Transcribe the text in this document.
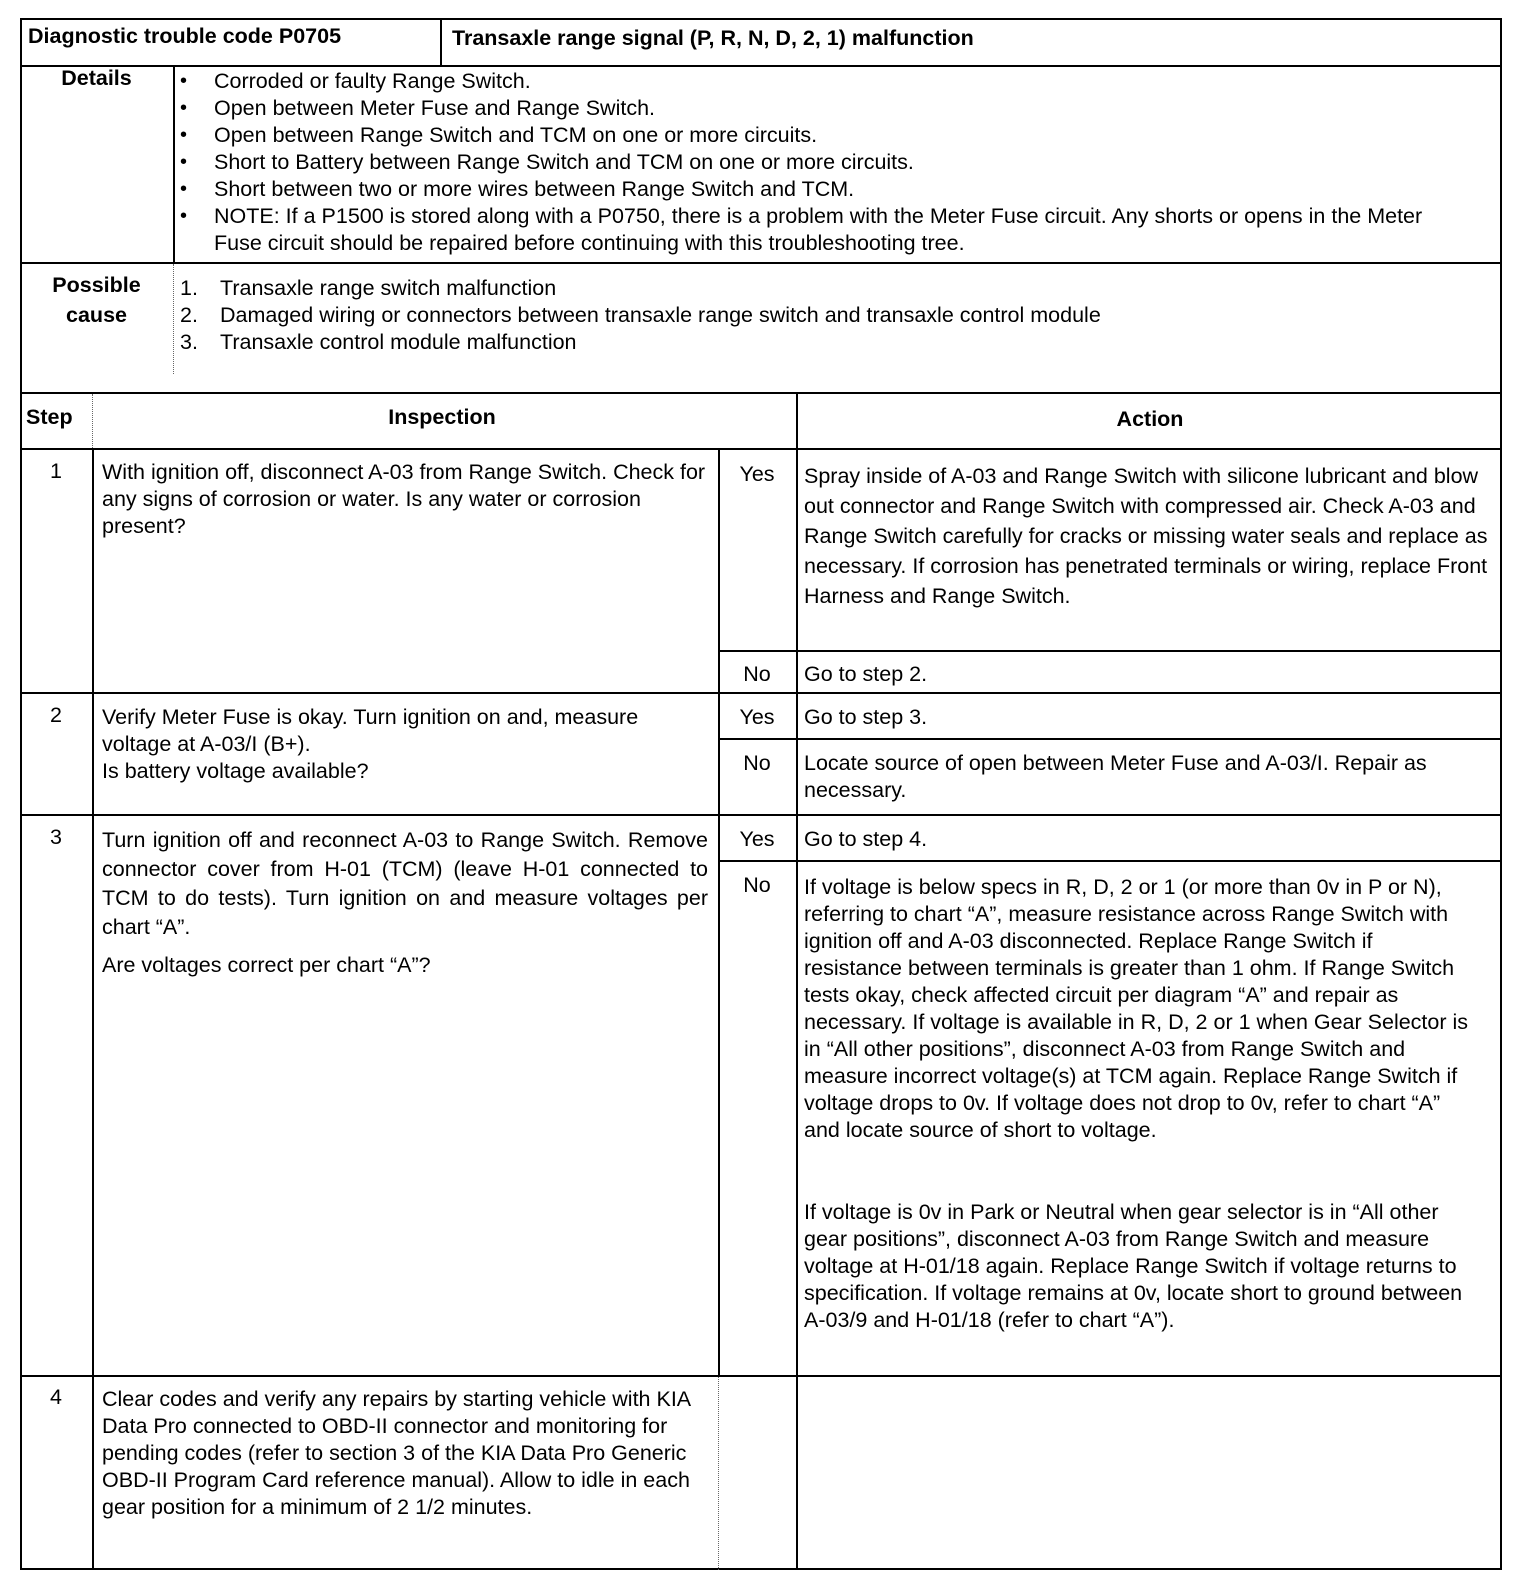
Diagnostic trouble code P0705	Transaxle range signal (P, R, N, D, 2, 1) malfunction
Details
•	Corroded or faulty Range Switch.
• Open between Meter Fuse and Range Switch.
• Open between Range Switch and TCM on one or more circuits.
• Short to Battery between Range Switch and TCM on one or more circuits.
• Short between two or more wires between Range Switch and TCM.
• NOTE: If a P1500 is stored along with a P0750, there is a problem with the Meter Fuse circuit. Any shorts or opens in the Meter Fuse circuit should be repaired before continuing with this troubleshooting tree.
Possible
cause
1. Transaxle range switch malfunction
2. Damaged wiring or connectors between transaxle range switch and transaxle control module
3. Transaxle control module malfunction
Step	Inspection	Action
1	With ignition off, disconnect A-03 from Range Switch. Check for any signs of corrosion or water. Is any water or corrosion present?
Yes	Spray inside of A-03 and Range Switch with silicone lubricant and blow out connector and Range Switch with compressed air. Check A-03 and Range Switch carefully for cracks or missing water seals and replace as necessary. If corrosion has penetrated terminals or wiring, replace Front Harness and Range Switch.
No	Go to step 2.
2	Verify Meter Fuse is okay. Turn ignition on and, measure voltage at A-03/I (B+).
Is battery voltage available?
Yes	Go to step 3.
No	Locate source of open between Meter Fuse and A-03/I. Repair as necessary.
3	Turn ignition off and reconnect A-03 to Range Switch. Remove connector cover from H-01 (TCM) (leave H-01 connected to TCM to do tests). Turn ignition on and measure voltages per chart “A”.
Are voltages correct per chart “A”?
Yes	Go to step 4.
No	If voltage is below specs in R, D, 2 or 1 (or more than 0v in P or N), referring to chart “A”, measure resistance across Range Switch with ignition off and A-03 disconnected. Replace Range Switch if resistance between terminals is greater than 1 ohm. If Range Switch tests okay, check affected circuit per diagram “A” and repair as necessary. If voltage is available in R, D, 2 or 1 when Gear Selector is in “All other positions”, disconnect A-03 from Range Switch and measure incorrect voltage(s) at TCM again. Replace Range Switch if voltage drops to 0v. If voltage does not drop to 0v, refer to chart “A” and locate source of short to voltage.
If voltage is 0v in Park or Neutral when gear selector is in “All other gear positions”, disconnect A-03 from Range Switch and measure voltage at H-01/18 again. Replace Range Switch if voltage returns to specification. If voltage remains at 0v, locate short to ground between A-03/9 and H-01/18 (refer to chart “A”).
4	Clear codes and verify any repairs by starting vehicle with KIA Data Pro connected to OBD-II connector and monitoring for pending codes (refer to section 3 of the KIA Data Pro Generic OBD-II Program Card reference manual). Allow to idle in each gear position for a minimum of 2 1/2 minutes.
